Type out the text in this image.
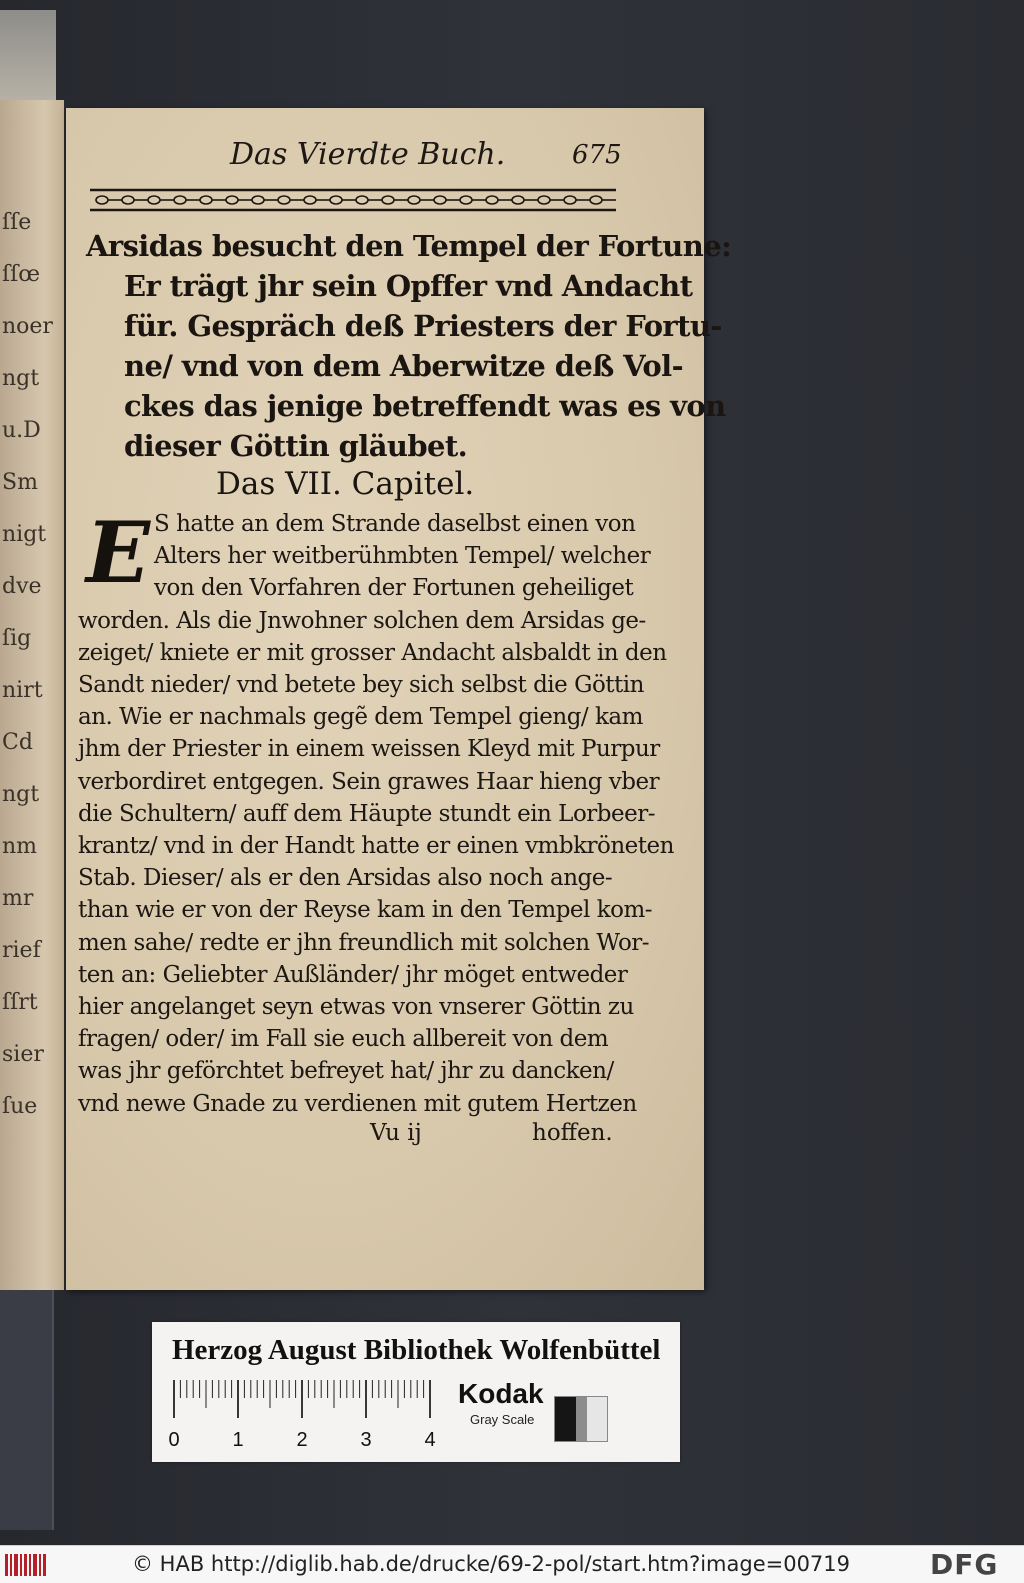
ſſe
ſſœ
noer
ngt
u.D
Sm
nigt
dve
ſig
nirt
Cd
ngt
nm
mr
rief
ſſrt
sier
ſue
Das Vierdte Buch.	675
Arsidas besucht den Tempel der Fortune:
Er trägt jhr sein Opffer vnd Andacht
für. Gespräch deß Priesters der Fortu-
ne/ vnd von dem Aberwitze deß Vol-
ckes das jenige betreffendt was es von
dieser Göttin gläubet.
Das VII. Capitel.
E S hatte an dem Strande daselbst einen von
Alters her weitberühmbten Tempel/ welcher
von den Vorfahren der Fortunen geheiliget
worden. Als die Jnwohner solchen dem Arsidas ge-
zeiget/ kniete er mit grosser Andacht alsbaldt in den
Sandt nieder/ vnd betete bey sich selbst die Göttin
an. Wie er nachmals gegẽ dem Tempel gieng/ kam
jhm der Priester in einem weissen Kleyd mit Purpur
verbordiret entgegen. Sein grawes Haar hieng vber
die Schultern/ auff dem Häupte stundt ein Lorbeer-
krantz/ vnd in der Handt hatte er einen vmbkröneten
Stab. Dieser/ als er den Arsidas also noch ange-
than wie er von der Reyse kam in den Tempel kom-
men sahe/ redte er jhn freundlich mit solchen Wor-
ten an: Geliebter Außländer/ jhr möget entweder
hier angelanget seyn etwas von vnserer Göttin zu
fragen/ oder/ im Fall sie euch allbereit von dem
was jhr geförchtet befreyet hat/ jhr zu dancken/
vnd newe Gnade zu verdienen mit gutem Hertzen
Vu ij	hoffen.
Herzog August Bibliothek Wolfenbüttel
0	1	2	3	4
Kodak
Gray Scale
© HAB http://diglib.hab.de/drucke/69-2-pol/start.htm?image=00719	DFG
